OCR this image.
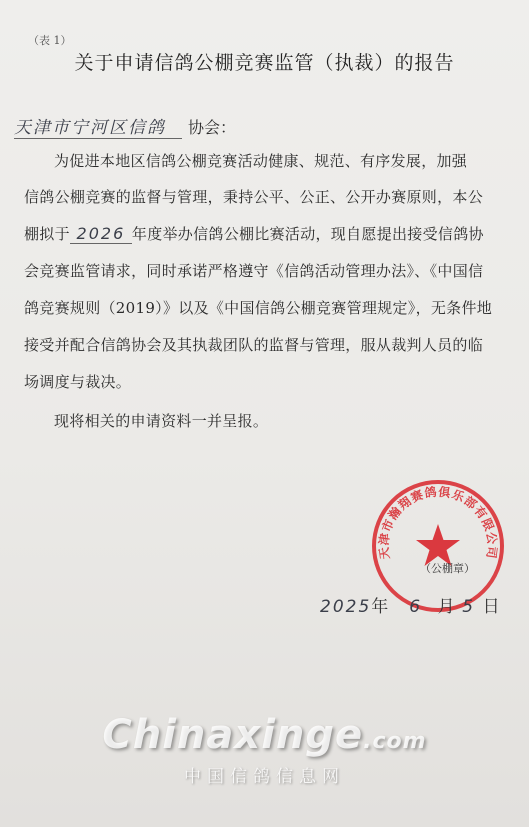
（表 1）
关于申请信鸽公棚竞赛监管（执裁）的报告
天津市宁河区信鸽 协会：
为促进本地区信鸽公棚竞赛活动健康、规范、有序发展，加强
信鸽公棚竞赛的监督与管理，秉持公平、公正、公开办赛原则，本公
棚拟于 2026 年度举办信鸽公棚比赛活动，现自愿提出接受信鸽协
会竞赛监管请求，同时承诺严格遵守《信鸽活动管理办法》、《中国信
鸽竞赛规则（2019）》以及《中国信鸽公棚竞赛管理规定》，无条件地
接受并配合信鸽协会及其执裁团队的监督与管理，服从裁判人员的临
场调度与裁决。
现将相关的申请资料一并呈报。
天津市瀚翔赛鸽俱乐部有限公司
（公棚章）
2025年 6 月 5 日
Chinaxinge.com
中国信鸽信息网
